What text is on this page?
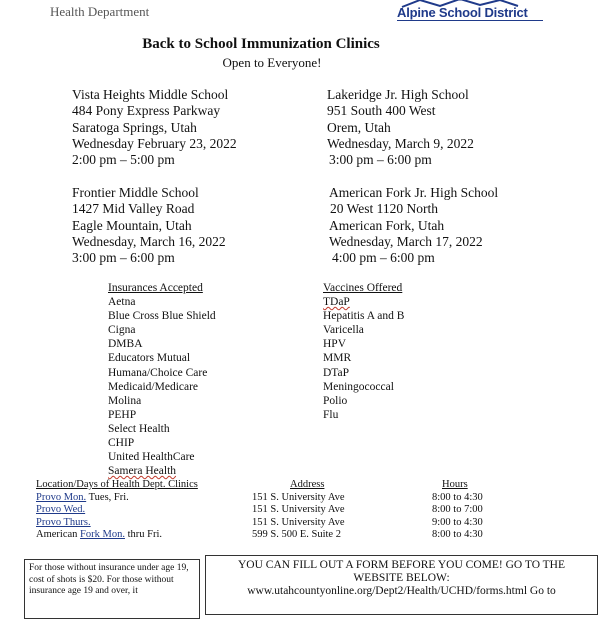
Health Department	Alpine School District
Back to School Immunization Clinics
Open to Everyone!
Vista Heights Middle School
484 Pony Express Parkway
Saratoga Springs, Utah
Wednesday February 23, 2022
2:00 pm – 5:00 pm
Lakeridge Jr. High School
951 South 400 West
Orem, Utah
Wednesday, March 9, 2022
3:00 pm – 6:00 pm
Frontier Middle School
1427 Mid Valley Road
Eagle Mountain, Utah
Wednesday, March 16, 2022
3:00 pm – 6:00 pm
American Fork Jr. High School
20 West 1120 North
American Fork, Utah
Wednesday, March 17, 2022
4:00 pm – 6:00 pm
Insurances Accepted
Aetna
Blue Cross Blue Shield
Cigna
DMBA
Educators Mutual
Humana/Choice Care
Medicaid/Medicare
Molina
PEHP
Select Health
CHIP
United HealthCare
Samera Health
Vaccines Offered
TDaP
Hepatitis A and B
Varicella
HPV
MMR
DTaP
Meningococcal
Polio
Flu
Location/Days of Health Dept. Clinics
Provo Mon. Tues, Fri.
Provo Wed.
Provo Thurs.
American Fork Mon. thru Fri.
Address
151 S. University Ave
151 S. University Ave
151 S. University Ave
599 S. 500 E. Suite 2
Hours
8:00 to 4:30
8:00 to 7:00
9:00 to 4:30
8:00 to 4:30
For those without insurance under age 19, cost of shots is $20. For those without insurance age 19 and over, it
YOU CAN FILL OUT A FORM BEFORE YOU COME! GO TO THE WEBSITE BELOW:
www.utahcountyonline.org/Dept2/Health/UCHD/forms.html Go to
